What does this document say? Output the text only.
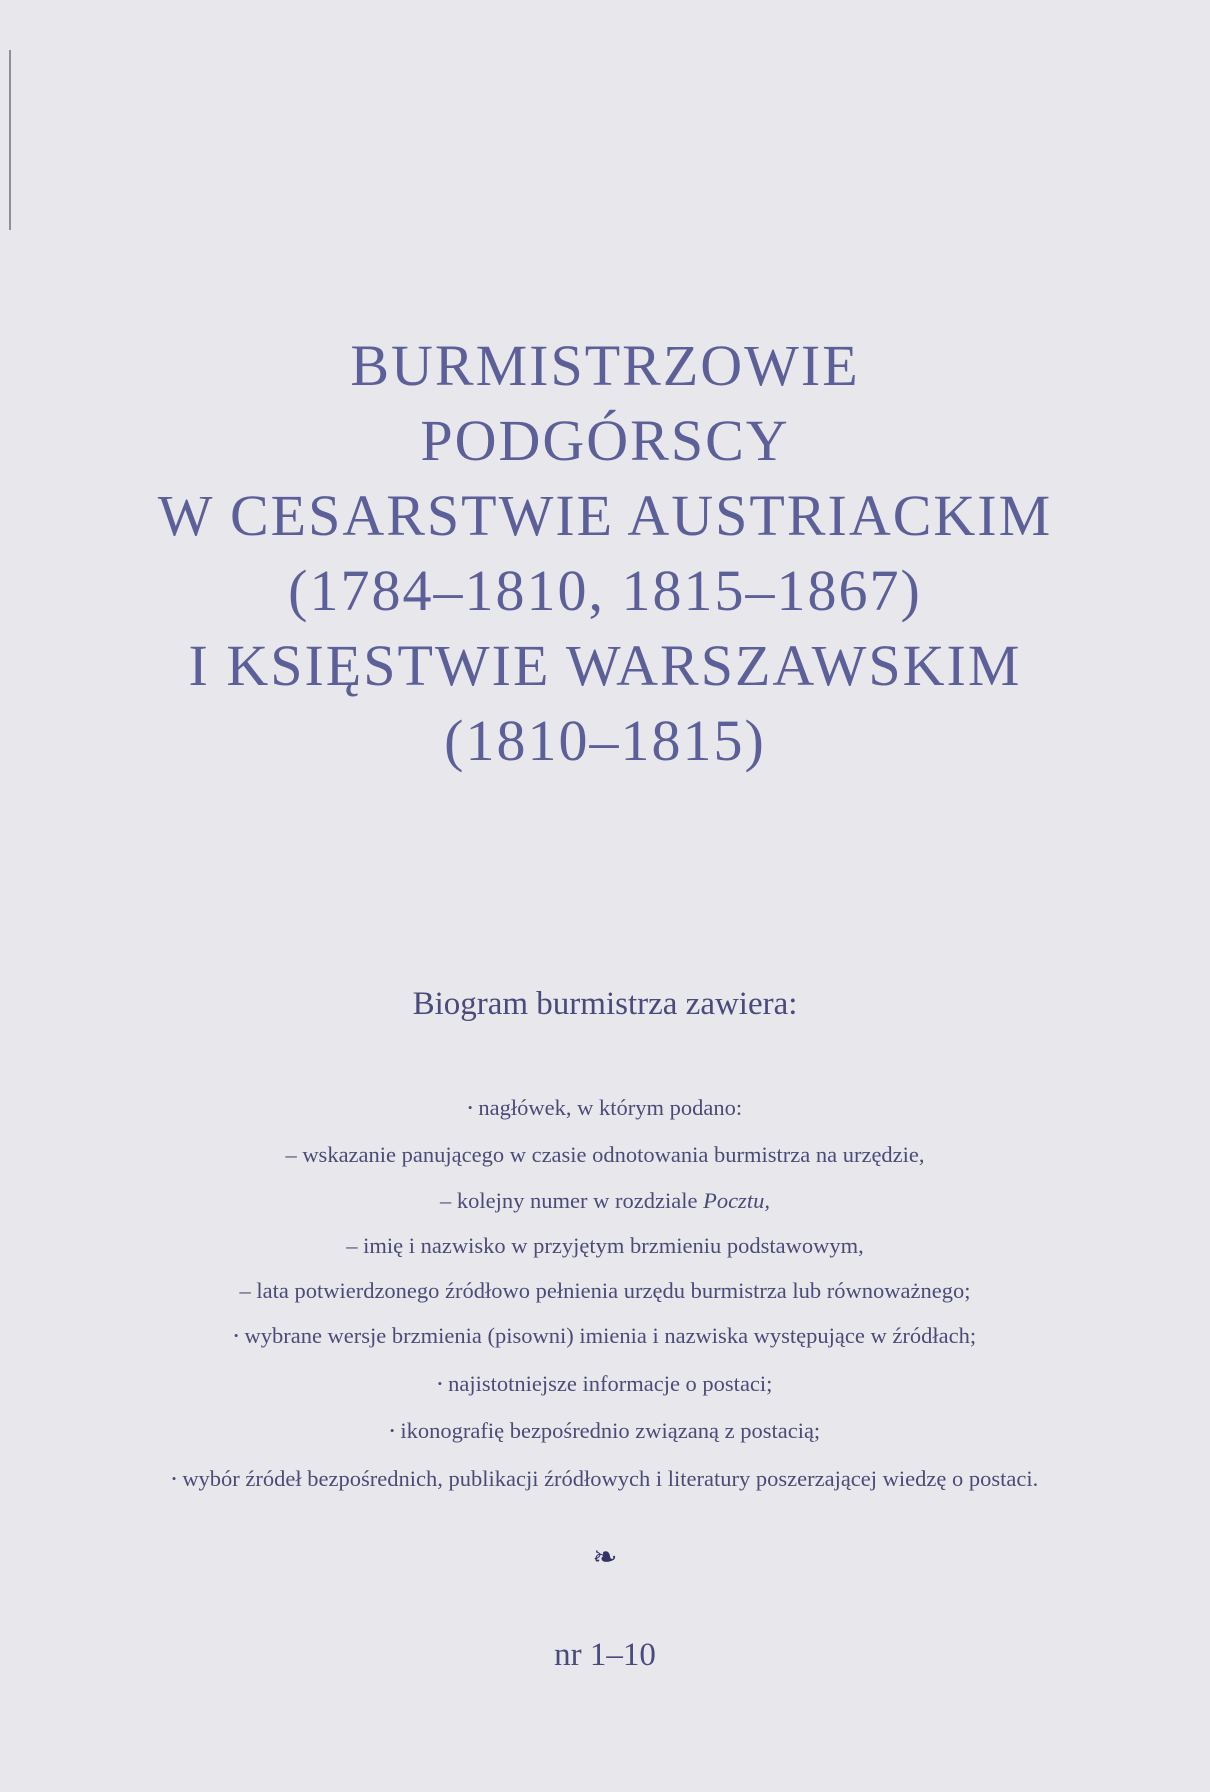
BURMISTRZOWIE
PODGÓRSCY
W CESARSTWIE AUSTRIACKIM
(1784–1810, 1815–1867)
I KSIĘSTWIE WARSZAWSKIM
(1810–1815)
Biogram burmistrza zawiera:
• nagłówek, w którym podano:
– wskazanie panującego w czasie odnotowania burmistrza na urzędzie,
– kolejny numer w rozdziale Pocztu,
– imię i nazwisko w przyjętym brzmieniu podstawowym,
– lata potwierdzonego źródłowo pełnienia urzędu burmistrza lub równoważnego;
• wybrane wersje brzmienia (pisowni) imienia i nazwiska występujące w źródłach;
• najistotniejsze informacje o postaci;
• ikonografię bezpośrednio związaną z postacią;
• wybór źródeł bezpośrednich, publikacji źródłowych i literatury poszerzającej wiedzę o postaci.
❧
nr 1–10
